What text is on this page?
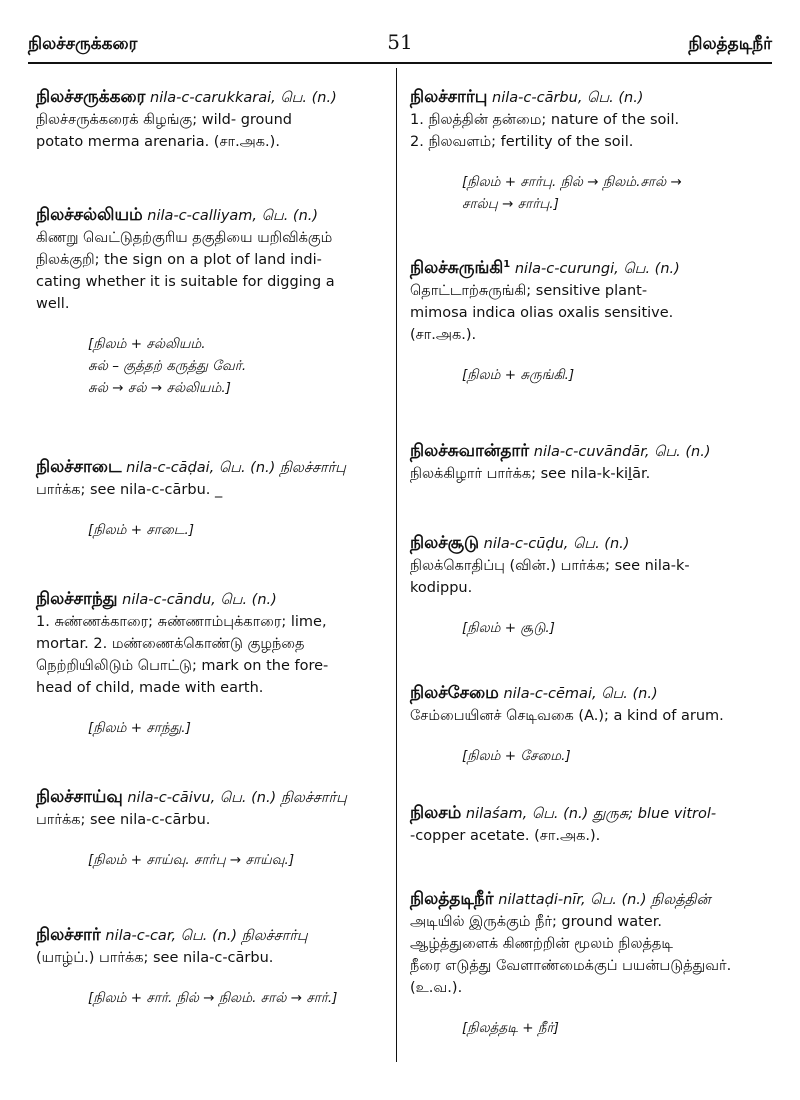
நிலச்சருக்கரை	51	நிலத்தடிநீர்
நிலச்சருக்கரை nila-c-carukkarai, பெ. (n.)
நிலச்சருக்கரைக் கிழங்கு; wild- ground
potato merma arenaria. (சா.அக.).
நிலச்சல்லியம் nila-c-calliyam, பெ. (n.)
கிணறு வெட்டுதற்குரிய தகுதியை யறிவிக்கும்
நிலக்குறி; the sign on a plot of land indi-
cating whether it is suitable for digging a
well.
[நிலம் + சல்லியம்.
சுல் – குத்தற் கருத்து வேர்.
சுல் → சல் → சல்லியம்.]
நிலச்சாடை nila-c-cāḍai, பெ. (n.) நிலச்சார்பு
பார்க்க; see nila-c-cārbu. _
[நிலம் + சாடை.]
நிலச்சாந்து nila-c-cāndu, பெ. (n.)
1. சுண்ணக்காரை; சுண்ணாம்புக்காரை; lime,
mortar. 2. மண்ணைக்கொண்டு குழந்தை
நெற்றியிலிடும் பொட்டு; mark on the fore-
head of child, made with earth.
[நிலம் + சாந்து.]
நிலச்சாய்வு nila-c-cāivu, பெ. (n.) நிலச்சார்பு
பார்க்க; see nila-c-cārbu.
[நிலம் + சாய்வு. சார்பு → சாய்வு.]
நிலச்சார் nila-c-car, பெ. (n.) நிலச்சார்பு
(யாழ்ப்.) பார்க்க; see nila-c-cārbu.
[நிலம் + சார். நில் → நிலம். சால் → சார்.]
நிலச்சார்பு nila-c-cārbu, பெ. (n.)
1. நிலத்தின் தன்மை; nature of the soil.
2. நிலவளம்; fertility of the soil.
[நிலம் + சார்பு. நில் → நிலம்.சால் →
சால்பு → சார்பு.]
நிலச்சுருங்கி$^1$ nila-c-curungi, பெ. (n.)
தொட்டாற்சுருங்கி; sensitive plant-
mimosa indica olias oxalis sensitive.
(சா.அக.).
[நிலம் + சுருங்கி.]
நிலச்சுவான்தார் nila-c-cuvāndār, பெ. (n.)
நிலக்கிழார் பார்க்க; see nila-k-kiḻār.
நிலச்சூடு nila-c-cūḍu, பெ. (n.)
நிலக்கொதிப்பு (வின்.) பார்க்க; see nila-k-
kodippu.
[நிலம் + சூடு.]
நிலச்சேமை nila-c-cēmai, பெ. (n.)
சேம்பையினச் செடிவகை (A.); a kind of arum.
[நிலம் + சேமை.]
நிலசம் nilaśam, பெ. (n.) துருசு; blue vitrol-
-copper acetate. (சா.அக.).
நிலத்தடிநீர் nilattaḍi-nīr, பெ. (n.) நிலத்தின்
அடியில் இருக்கும் நீர்; ground water.
ஆழ்த்துளைக் கிணற்றின் மூலம் நிலத்தடி
நீரை எடுத்து வேளாண்மைக்குப் பயன்படுத்துவர்.
(உ.வ.).
[நிலத்தடி + நீர்]
